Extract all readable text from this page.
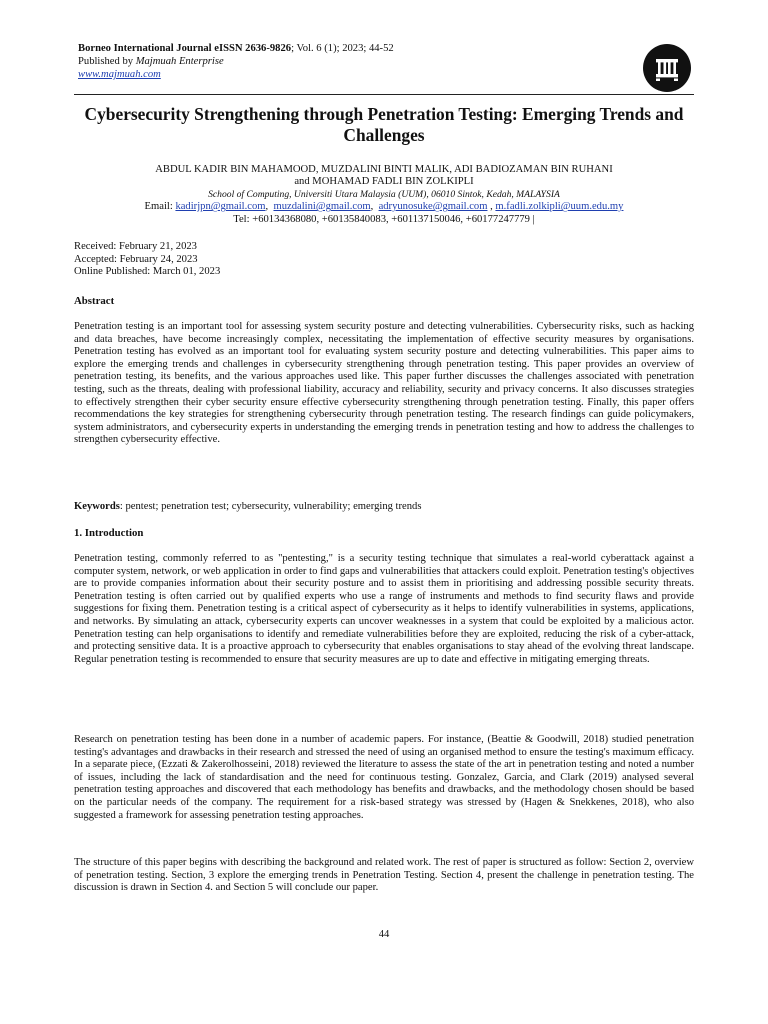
Borneo International Journal eISSN 2636-9826; Vol. 6 (1); 2023; 44-52
Published by Majmuah Enterprise
www.majmuah.com
Cybersecurity Strengthening through Penetration Testing: Emerging Trends and Challenges
ABDUL KADIR BIN MAHAMOOD, MUZDALINI BINTI MALIK, ADI BADIOZAMAN BIN RUHANI
and MOHAMAD FADLI BIN ZOLKIPLI
School of Computing, Universiti Utara Malaysia (UUM), 06010 Sintok, Kedah, MALAYSIA
Email: kadirjpn@gmail.com,  muzdalini@gmail.com,  adryunosuke@gmail.com , m.fadli.zolkipli@uum.edu.my
Tel: +60134368080, +60135840083, +601137150046, +60177247779 |
Received: February 21, 2023
Accepted: February 24, 2023
Online Published: March 01, 2023
Abstract
Penetration testing is an important tool for assessing system security posture and detecting vulnerabilities. Cybersecurity risks, such as hacking and data breaches, have become increasingly complex, necessitating the implementation of effective security measures by organisations. Penetration testing has evolved as an important tool for evaluating system security posture and detecting vulnerabilities. This paper aims to explore the emerging trends and challenges in cybersecurity strengthening through penetration testing. This paper provides an overview of penetration testing, its benefits, and the various approaches used like. This paper further discusses the challenges associated with penetration testing, such as the threats, dealing with professional liability, accuracy and reliability, security and privacy concerns. It also discusses strategies to effectively strengthen their cyber security ensure effective cybersecurity strengthening through penetration testing. Finally, this paper offers recommendations the key strategies for strengthening cybersecurity through penetration testing. The research findings can guide policymakers, system administrators, and cybersecurity experts in understanding the emerging trends in penetration testing and how to address the challenges to strengthen cybersecurity effective.
Keywords: pentest; penetration test; cybersecurity, vulnerability; emerging trends
1. Introduction
Penetration testing, commonly referred to as "pentesting," is a security testing technique that simulates a real-world cyberattack against a computer system, network, or web application in order to find gaps and vulnerabilities that attackers could exploit. Penetration testing's objectives are to provide companies information about their security posture and to assist them in prioritising and addressing possible security threats. Penetration testing is often carried out by qualified experts who use a range of instruments and methods to find security flaws and provide suggestions for fixing them. Penetration testing is a critical aspect of cybersecurity as it helps to identify vulnerabilities in systems, applications, and networks. By simulating an attack, cybersecurity experts can uncover weaknesses in a system that could be exploited by a malicious actor. Penetration testing can help organisations to identify and remediate vulnerabilities before they are exploited, reducing the risk of a cyber-attack, and protecting sensitive data. It is a proactive approach to cybersecurity that enables organisations to stay ahead of the evolving threat landscape. Regular penetration testing is recommended to ensure that security measures are up to date and effective in mitigating emerging threats.
Research on penetration testing has been done in a number of academic papers. For instance, (Beattie & Goodwill, 2018) studied penetration testing's advantages and drawbacks in their research and stressed the need of using an organised method to ensure the testing's maximum efficacy. In a separate piece, (Ezzati & Zakerolhosseini, 2018) reviewed the literature to assess the state of the art in penetration testing and noted a number of issues, including the lack of standardisation and the need for continuous testing. Gonzalez, Garcia, and Clark (2019) analysed several penetration testing approaches and discovered that each methodology has benefits and drawbacks, and the methodology chosen should be based on the particular needs of the company. The requirement for a risk-based strategy was stressed by (Hagen & Snekkenes, 2018), who also suggested a framework for assessing penetration testing approaches.
The structure of this paper begins with describing the background and related work. The rest of paper is structured as follow: Section 2, overview of penetration testing. Section, 3 explore the emerging trends in Penetration Testing. Section 4, present the challenge in penetration testing. The discussion is drawn in Section 4. and Section 5 will conclude our paper.
44
